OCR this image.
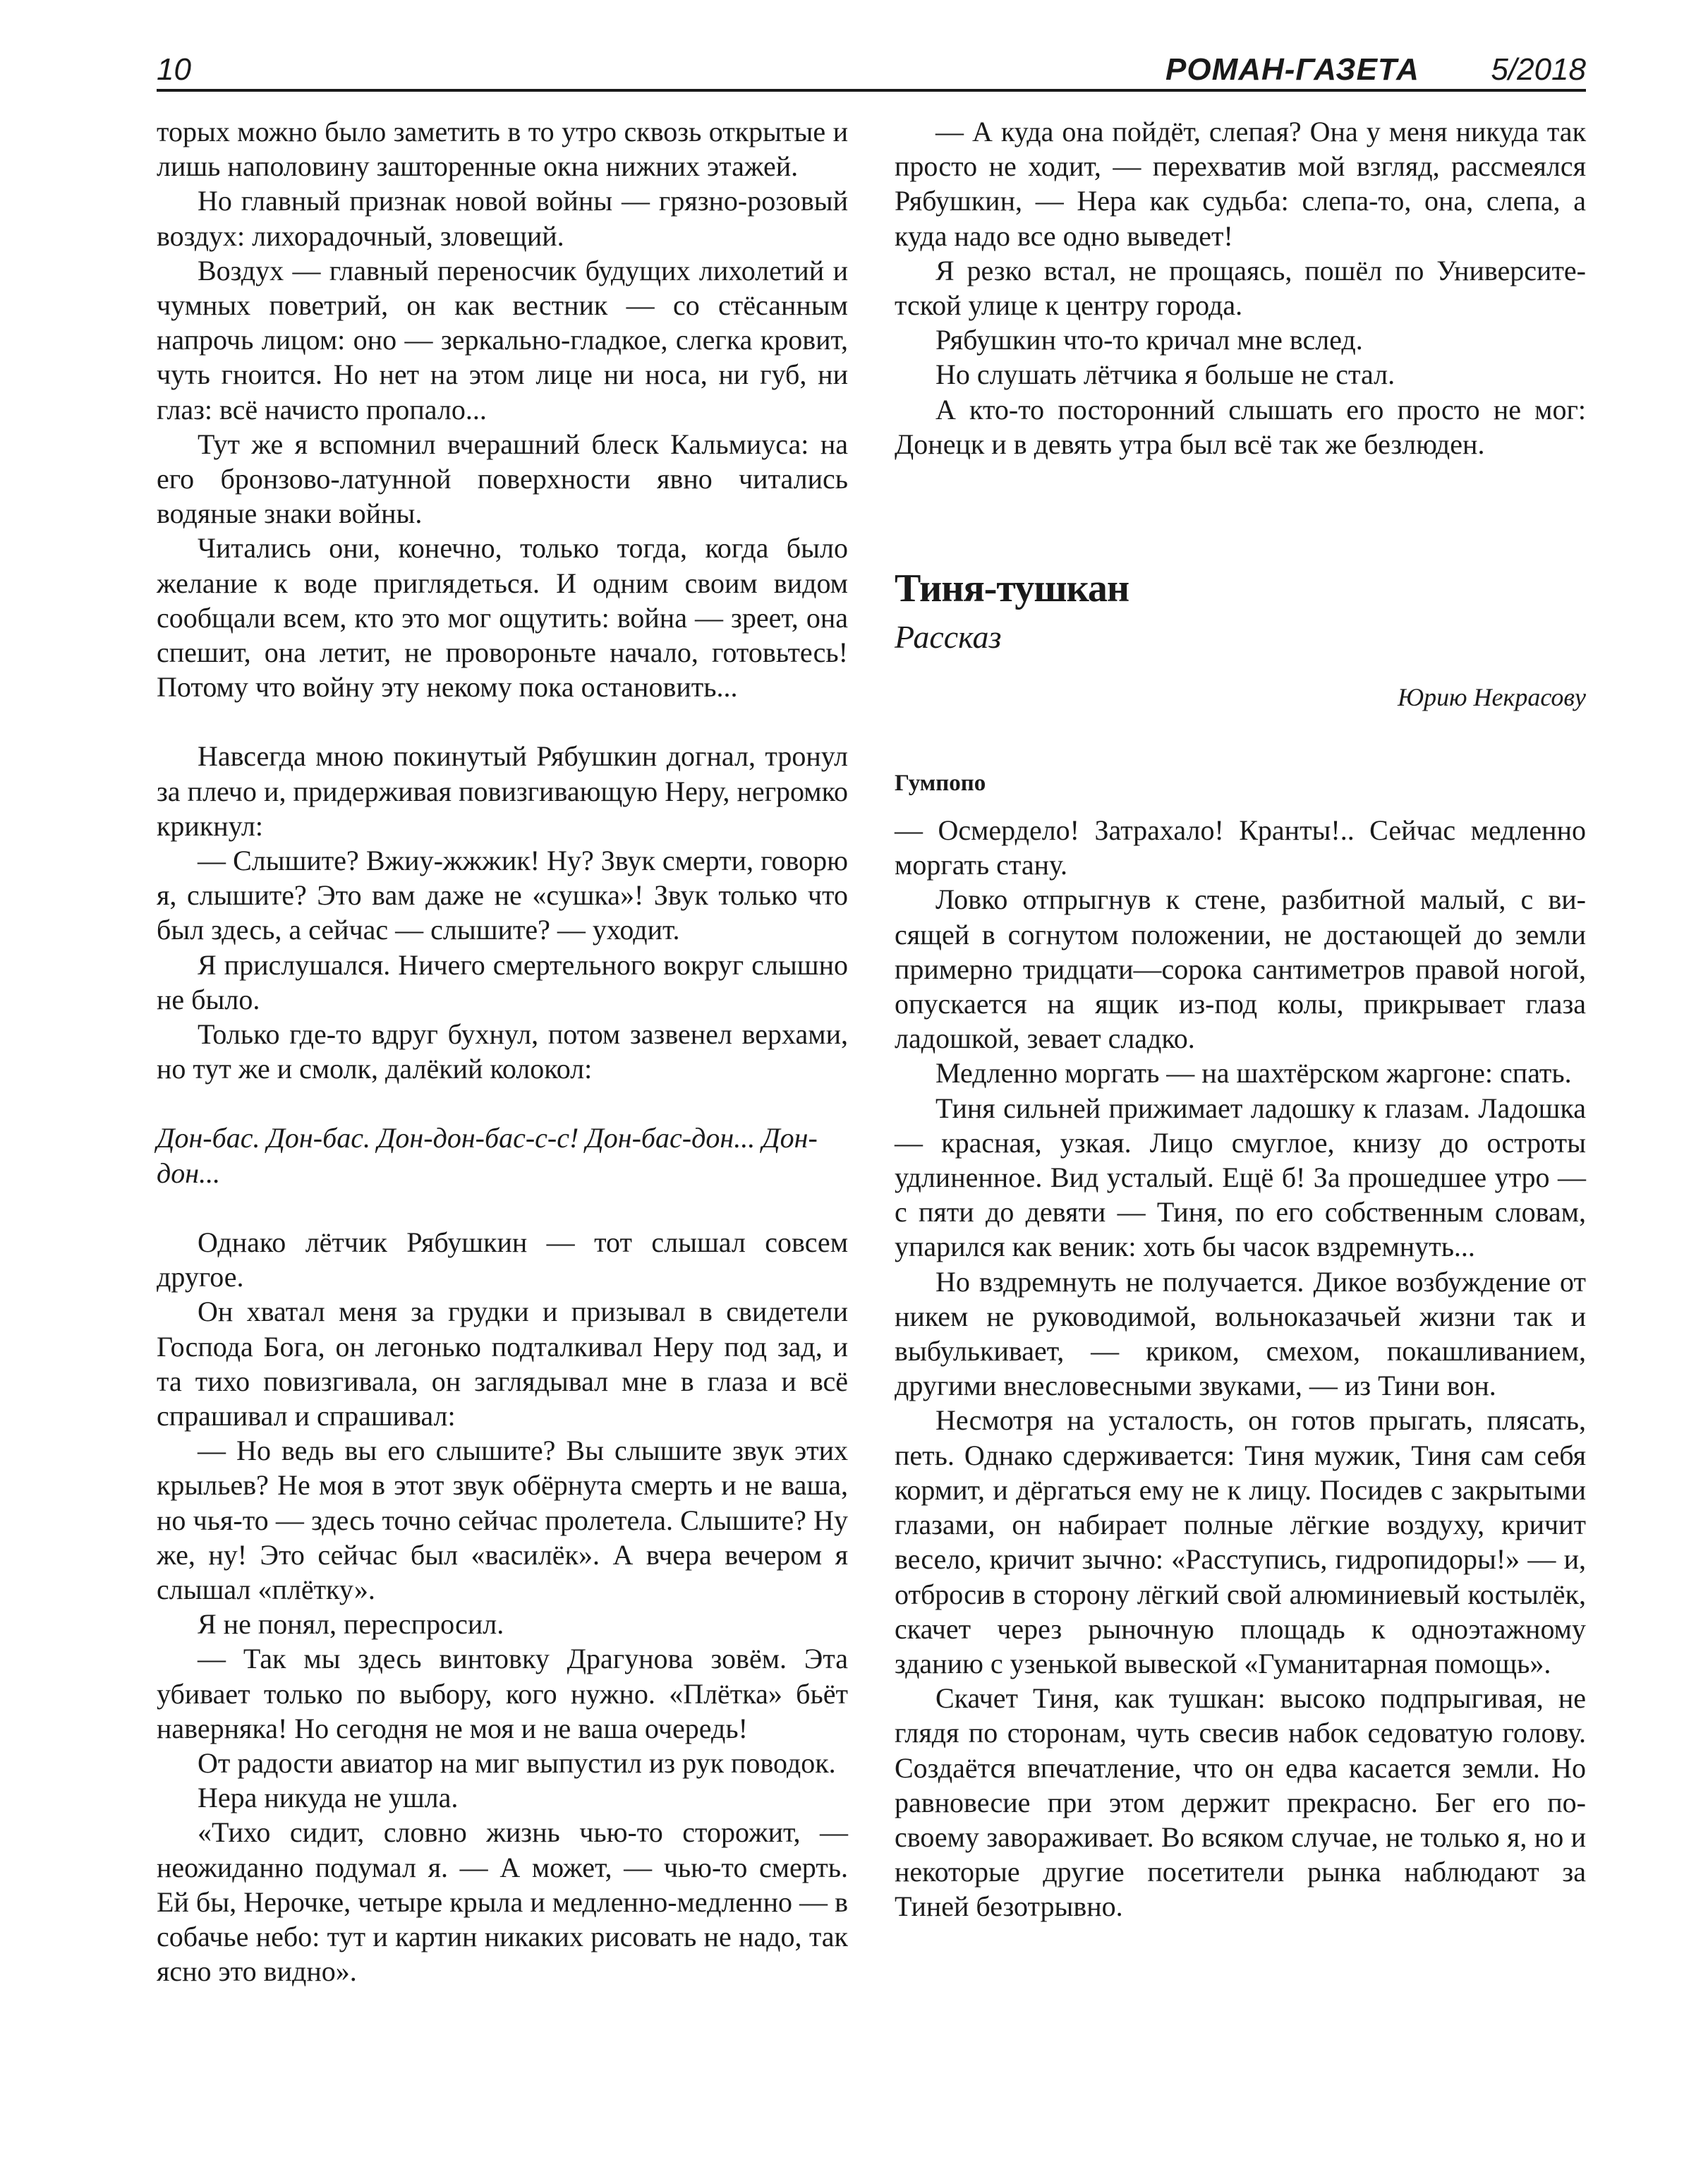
10	РОМАН-ГАЗЕТА 5/2018

торых можно было заметить в то утро сквозь открытые и лишь наполовину зашторенные окна нижних этажей.

Но главный признак новой войны — грязно-розовый воздух: лихорадочный, зловещий.

Воздух — главный переносчик будущих лихолетий и чумных поветрий, он как вестник — со стёсанным напрочь лицом: оно — зеркально-гладкое, слегка кровит, чуть гноится. Но нет на этом лице ни носа, ни губ, ни глаз: всё начисто пропало...

Тут же я вспомнил вчерашний блеск Кальмиуса: на его бронзово-латунной поверхности явно читались водяные знаки войны.

Читались они, конечно, только тогда, когда было желание к воде приглядеться. И одним своим видом сообщали всем, кто это мог ощутить: война — зреет, она спешит, она летит, не провороньте начало, готовьтесь! Потому что войну эту некому пока остановить...

Навсегда мною покинутый Рябушкин догнал, тронул за плечо и, придерживая повизгивающую Неру, негромко крикнул:

— Слышите? Вжиу-жжжик! Ну? Звук смерти, говорю я, слышите? Это вам даже не «сушка»! Звук только что был здесь, а сейчас — слышите? — уходит.

Я прислушался. Ничего смертельного вокруг слышно не было.

Только где-то вдруг бухнул, потом зазвенел верхами, но тут же и смолк, далёкий колокол:

Дон-бас. Дон-бас. Дон-дон-бас-с-с! Дон-бас-дон... Дон-дон...

Однако лётчик Рябушкин — тот слышал совсем другое.

Он хватал меня за грудки и призывал в свидетели Господа Бога, он легонько подталкивал Неру под зад, и та тихо повизгивала, он заглядывал мне в глаза и всё спрашивал и спрашивал:

— Но ведь вы его слышите? Вы слышите звук этих крыльев? Не моя в этот звук обёрнута смерть и не ваша, но чья-то — здесь точно сейчас пролетела. Слышите? Ну же, ну! Это сейчас был «василёк». А вчера вечером я слышал «плётку».

Я не понял, переспросил.

— Так мы здесь винтовку Драгунова зовём. Эта убивает только по выбору, кого нужно. «Плётка» бьёт наверняка! Но сегодня не моя и не ваша очередь!

От радости авиатор на миг выпустил из рук поводок.

Нера никуда не ушла.

«Тихо сидит, словно жизнь чью-то сторожит, — неожиданно подумал я. — А может, — чью-то смерть. Ей бы, Нерочке, четыре крыла и медленно-медленно — в собачье небо: тут и картин никаких рисовать не надо, так ясно это видно».

— А куда она пойдёт, слепая? Она у меня никуда так просто не ходит, — перехватив мой взгляд, рассмеялся Рябушкин, — Нера как судьба: слепа-то, она, слепа, а куда надо все одно выведет!

Я резко встал, не прощаясь, пошёл по Университетской улице к центру города.

Рябушкин что-то кричал мне вслед.

Но слушать лётчика я больше не стал.

А кто-то посторонний слышать его просто не мог: Донецк и в девять утра был всё так же безлюден.

Тиня-тушкан
Рассказ
Юрию Некрасову
Гумпопо

— Осмердело! Затрахало! Кранты!.. Сейчас медленно моргать стану.

Ловко отпрыгнув к стене, разбитной малый, с висящей в согнутом положении, не достающей до земли примерно тридцати—сорока сантиметров правой ногой, опускается на ящик из-под колы, прикрывает глаза ладошкой, зевает сладко.

Медленно моргать — на шахтёрском жаргоне: спать.

Тиня сильней прижимает ладошку к глазам. Ладошка — красная, узкая. Лицо смуглое, книзу до остроты удлиненное. Вид усталый. Ещё б! За прошедшее утро — с пяти до девяти — Тиня, по его собственным словам, упарился как веник: хоть бы часок вздремнуть...

Но вздремнуть не получается. Дикое возбуждение от никем не руководимой, вольноказачьей жизни так и выбулькивает, — криком, смехом, покашливанием, другими внесловесными звуками, — из Тини вон.

Несмотря на усталость, он готов прыгать, плясать, петь. Однако сдерживается: Тиня мужик, Тиня сам себя кормит, и дёргаться ему не к лицу. Посидев с закрытыми глазами, он набирает полные лёгкие воздуху, кричит весело, кричит зычно: «Расступись, гидропидоры!» — и, отбросив в сторону лёгкий свой алюминиевый костылёк, скачет через рыночную площадь к одноэтажному зданию с узенькой вывеской «Гуманитарная помощь».

Скачет Тиня, как тушкан: высоко подпрыгивая, не глядя по сторонам, чуть свесив набок седоватую голову. Создаётся впечатление, что он едва касается земли. Но равновесие при этом держит прекрасно. Бег его по-своему завораживает. Во всяком случае, не только я, но и некоторые другие посетители рынка наблюдают за Тиней безотрывно.
